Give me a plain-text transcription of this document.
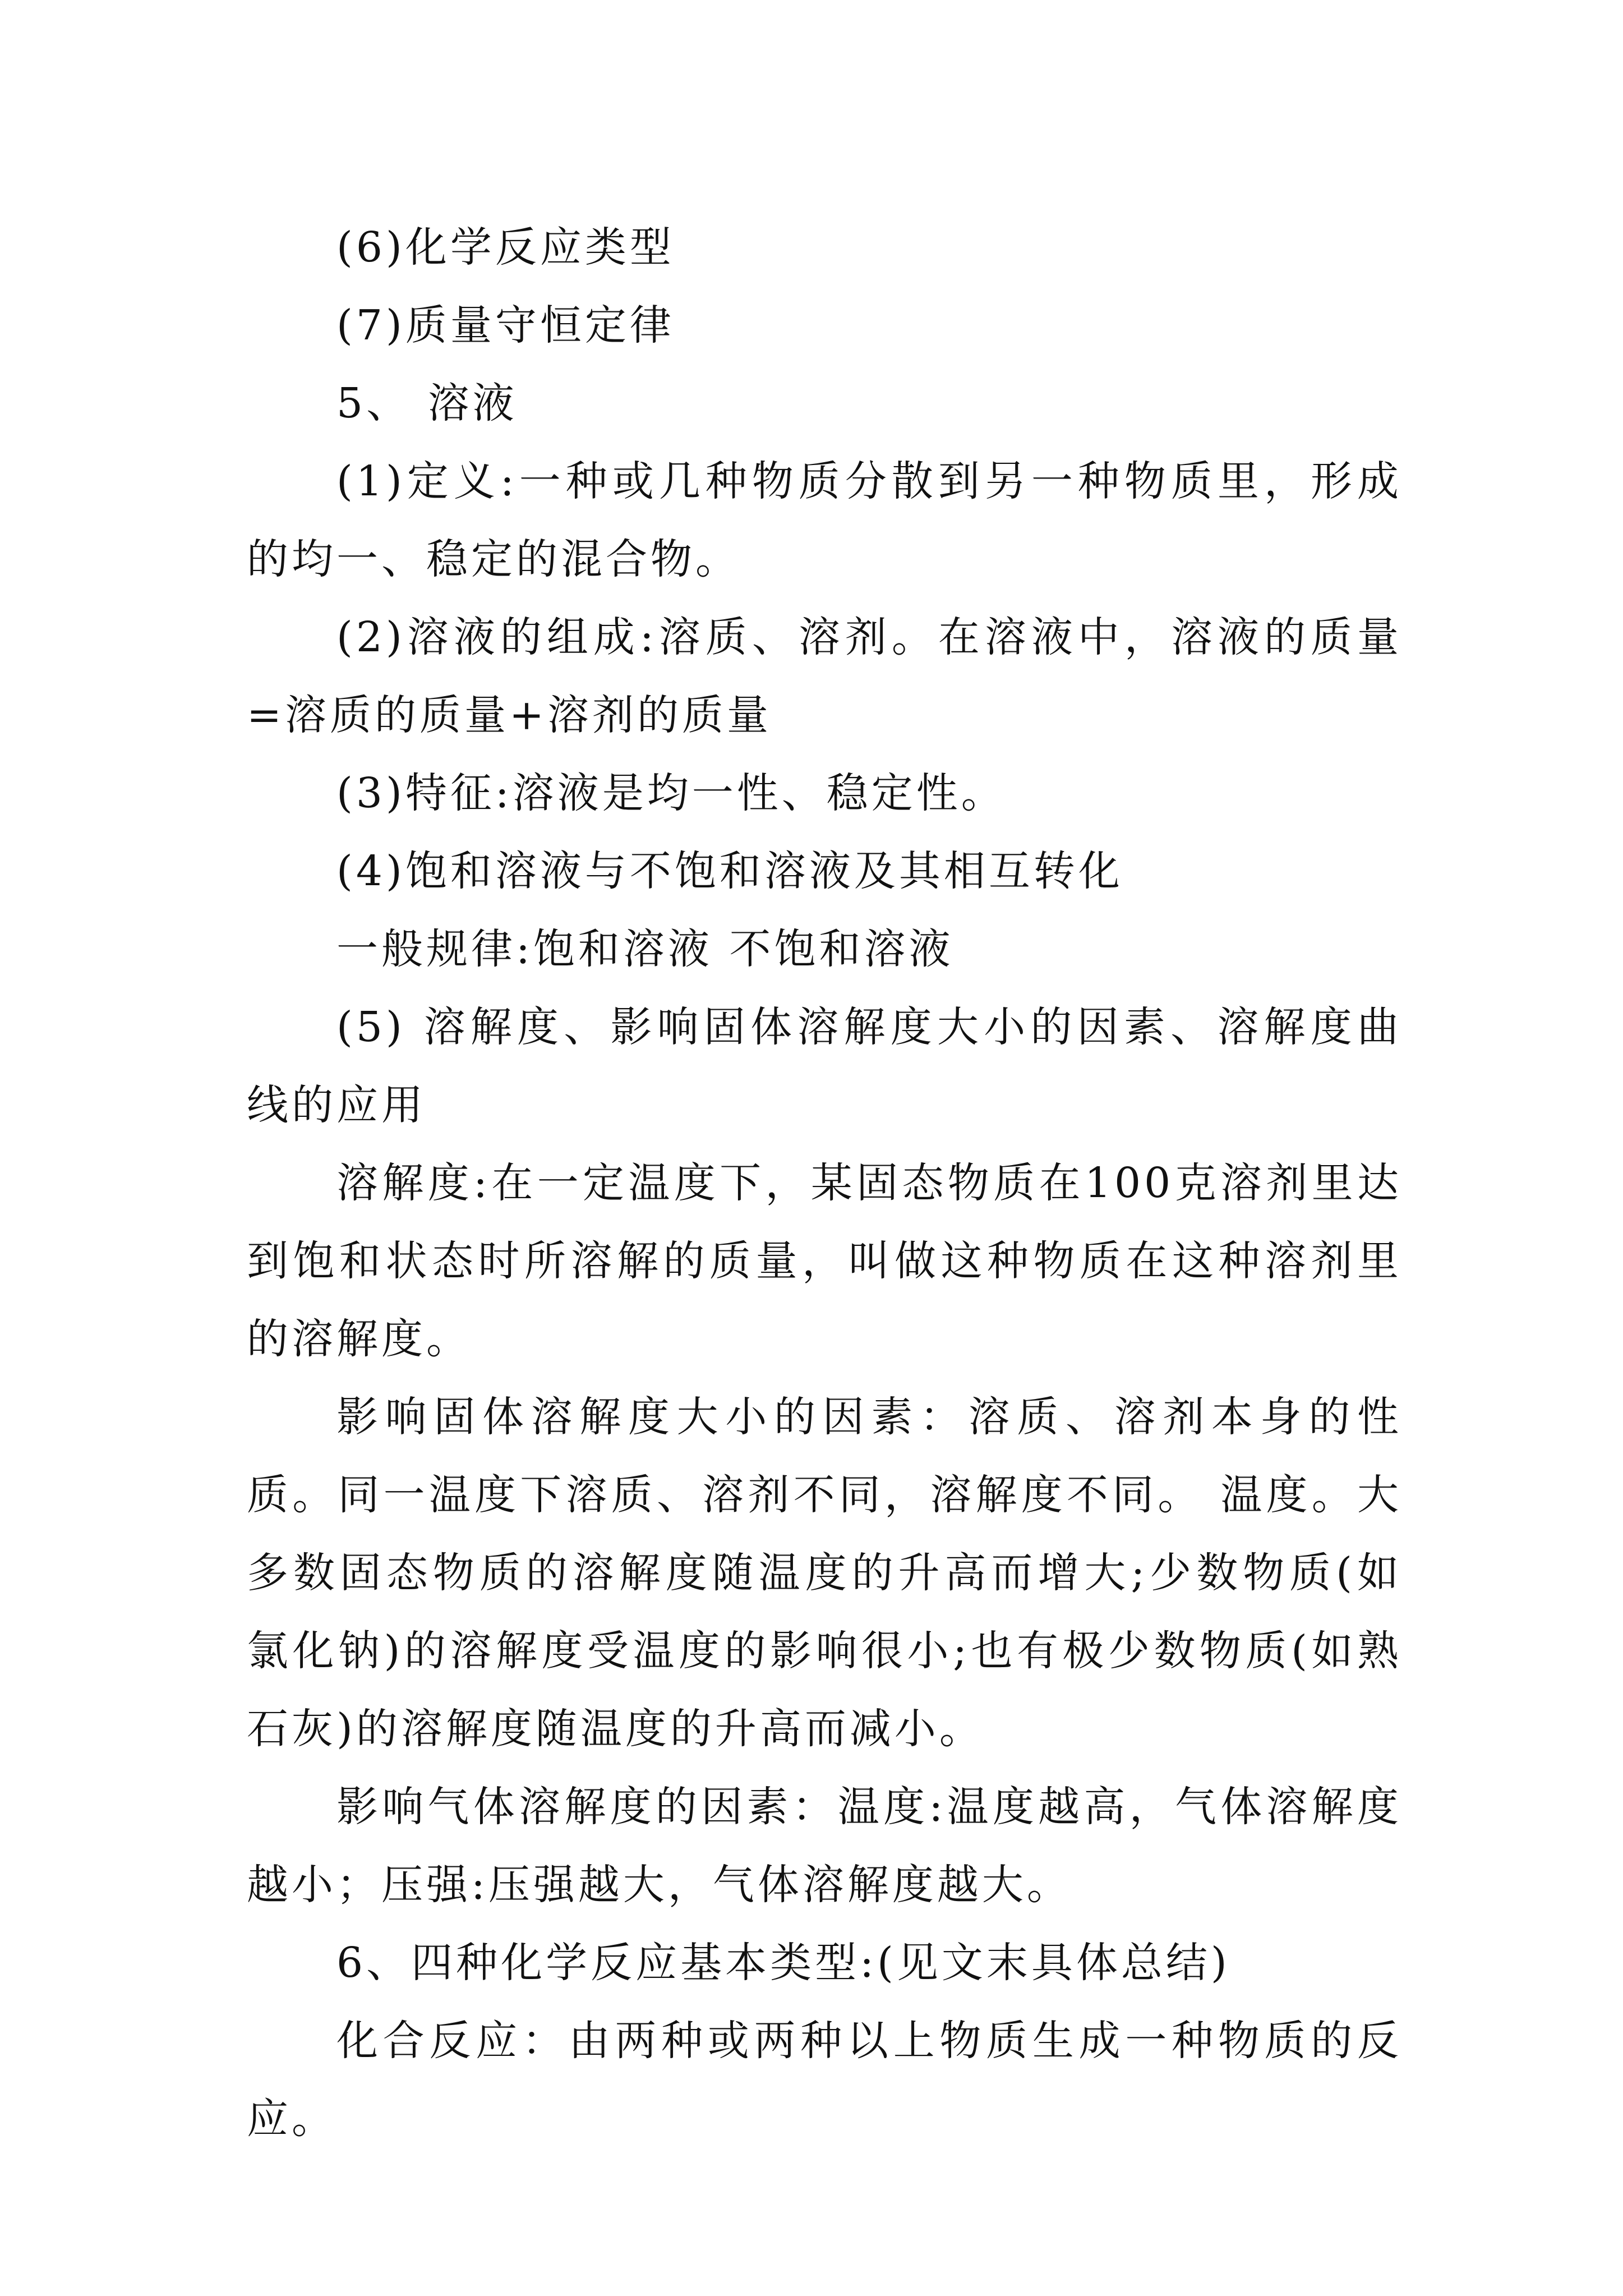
(6)化学反应类型

(7)质量守恒定律

5、 溶液

(1)定义:一种或几种物质分散到另一种物质里，形成的均一、稳定的混合物。

(2)溶液的组成:溶质、溶剂。在溶液中，溶液的质量=溶质的质量+溶剂的质量

(3)特征:溶液是均一性、稳定性。

(4)饱和溶液与不饱和溶液及其相互转化

一般规律:饱和溶液 不饱和溶液

(5) 溶解度、影响固体溶解度大小的因素、溶解度曲线的应用

溶解度:在一定温度下，某固态物质在100克溶剂里达到饱和状态时所溶解的质量，叫做这种物质在这种溶剂里的溶解度。

影响固体溶解度大小的因素：溶质、溶剂本身的性质。同一温度下溶质、溶剂不同，溶解度不同。 温度。大多数固态物质的溶解度随温度的升高而增大;少数物质(如氯化钠)的溶解度受温度的影响很小;也有极少数物质(如熟石灰)的溶解度随温度的升高而减小。

影响气体溶解度的因素：温度:温度越高，气体溶解度越小；压强:压强越大，气体溶解度越大。

6、四种化学反应基本类型:(见文末具体总结)

化合反应：由两种或两种以上物质生成一种物质的反应。
